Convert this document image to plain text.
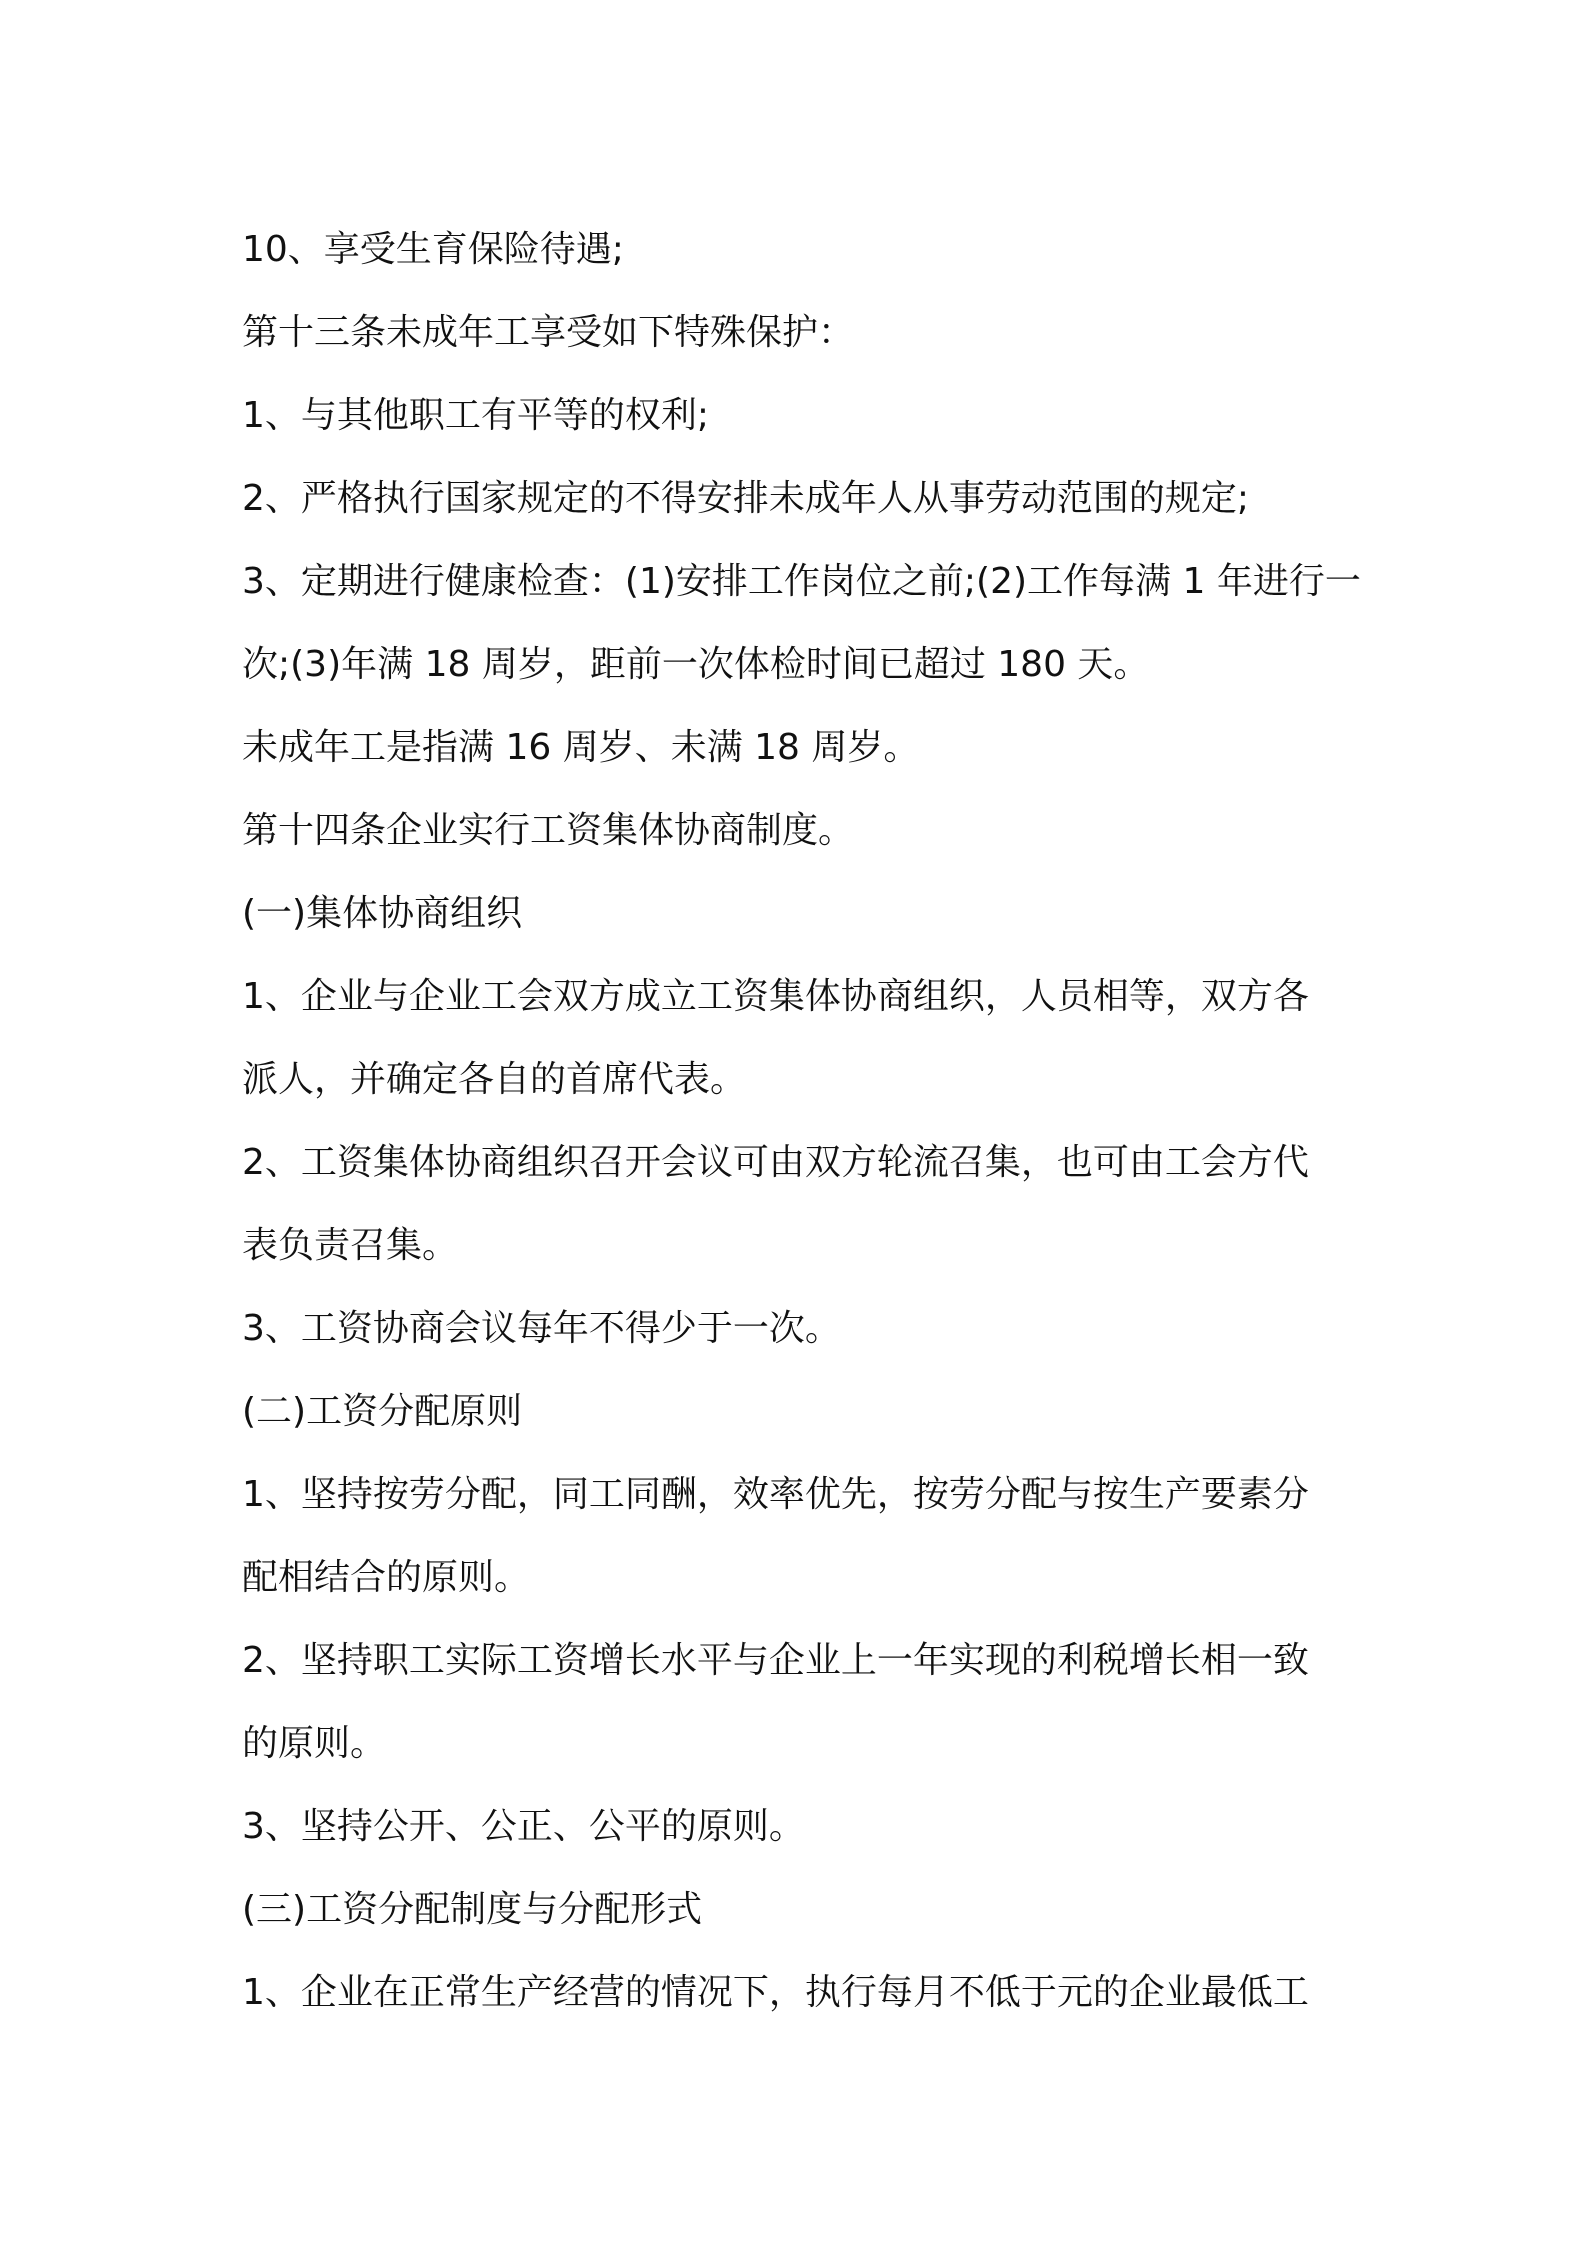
10、享受生育保险待遇;

第十三条未成年工享受如下特殊保护：

1、与其他职工有平等的权利;

2、严格执行国家规定的不得安排未成年人从事劳动范围的规定;

3、定期进行健康检查：(1)安排工作岗位之前;(2)工作每满 1 年进行一

次;(3)年满 18 周岁，距前一次体检时间已超过 180 天。

未成年工是指满 16 周岁、未满 18 周岁。

第十四条企业实行工资集体协商制度。

(一)集体协商组织

1、企业与企业工会双方成立工资集体协商组织，人员相等，双方各

派人，并确定各自的首席代表。

2、工资集体协商组织召开会议可由双方轮流召集，也可由工会方代

表负责召集。

3、工资协商会议每年不得少于一次。

(二)工资分配原则

1、坚持按劳分配，同工同酬，效率优先，按劳分配与按生产要素分

配相结合的原则。

2、坚持职工实际工资增长水平与企业上一年实现的利税增长相一致

的原则。

3、坚持公开、公正、公平的原则。

(三)工资分配制度与分配形式

1、企业在正常生产经营的情况下，执行每月不低于元的企业最低工
